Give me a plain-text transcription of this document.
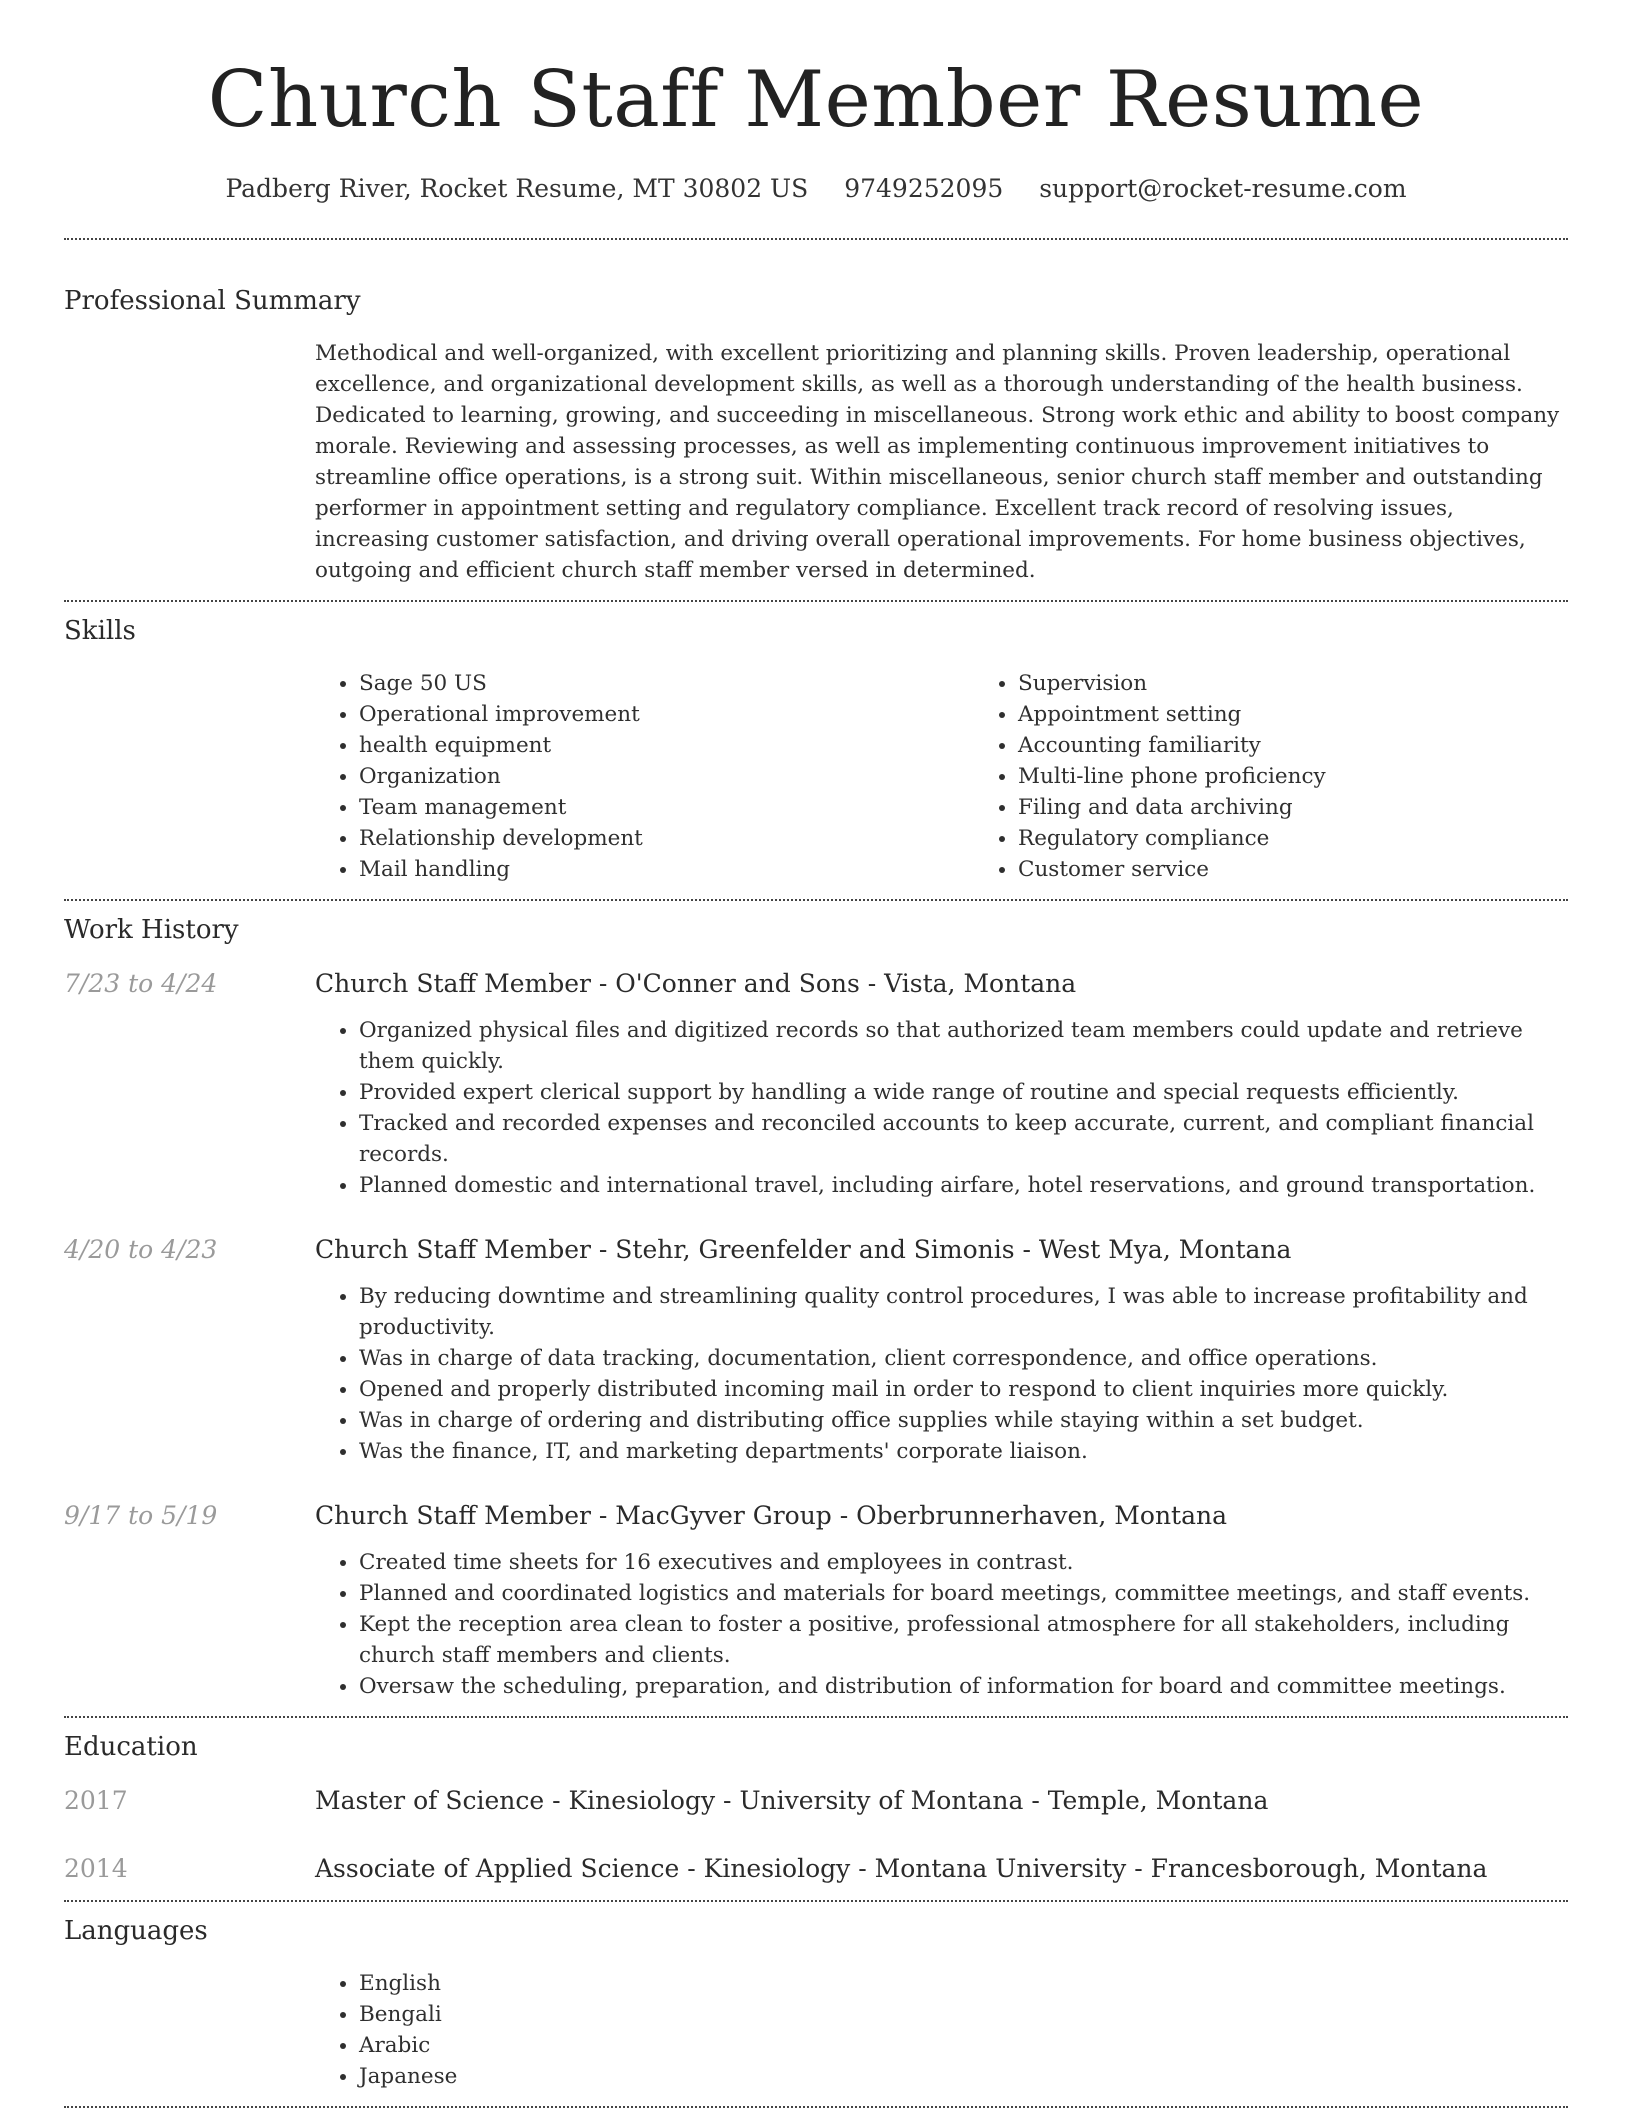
Church Staff Member Resume
Padberg River, Rocket Resume, MT 30802 US 9749252095 support@rocket-resume.com
Professional Summary

Methodical and well-organized, with excellent prioritizing and planning skills. Proven leadership, operational excellence, and organizational development skills, as well as a thorough understanding of the health business. Dedicated to learning, growing, and succeeding in miscellaneous. Strong work ethic and ability to boost company morale. Reviewing and assessing processes, as well as implementing continuous improvement initiatives to streamline office operations, is a strong suit. Within miscellaneous, senior church staff member and outstanding performer in appointment setting and regulatory compliance. Excellent track record of resolving issues, increasing customer satisfaction, and driving overall operational improvements. For home business objectives, outgoing and efficient church staff member versed in determined.

Skills
• Sage 50 US
• Operational improvement
• health equipment
• Organization
• Team management
• Relationship development
• Mail handling
• Supervision
• Appointment setting
• Accounting familiarity
• Multi-line phone proficiency
• Filing and data archiving
• Regulatory compliance
• Customer service
Work History
7/23 to 4/24	Church Staff Member - O'Conner and Sons - Vista, Montana
• Organized physical files and digitized records so that authorized team members could update and retrieve them quickly.
• Provided expert clerical support by handling a wide range of routine and special requests efficiently.
• Tracked and recorded expenses and reconciled accounts to keep accurate, current, and compliant financial records.
• Planned domestic and international travel, including airfare, hotel reservations, and ground transportation.
4/20 to 4/23	Church Staff Member - Stehr, Greenfelder and Simonis - West Mya, Montana
• By reducing downtime and streamlining quality control procedures, I was able to increase profitability and productivity.
• Was in charge of data tracking, documentation, client correspondence, and office operations.
• Opened and properly distributed incoming mail in order to respond to client inquiries more quickly.
• Was in charge of ordering and distributing office supplies while staying within a set budget.
• Was the finance, IT, and marketing departments' corporate liaison.
9/17 to 5/19	Church Staff Member - MacGyver Group - Oberbrunnerhaven, Montana
• Created time sheets for 16 executives and employees in contrast.
• Planned and coordinated logistics and materials for board meetings, committee meetings, and staff events.
• Kept the reception area clean to foster a positive, professional atmosphere for all stakeholders, including church staff members and clients.
• Oversaw the scheduling, preparation, and distribution of information for board and committee meetings.
Education
2017	Master of Science - Kinesiology - University of Montana - Temple, Montana
2014	Associate of Applied Science - Kinesiology - Montana University - Francesborough, Montana
Languages
• English
• Bengali
• Arabic
• Japanese
